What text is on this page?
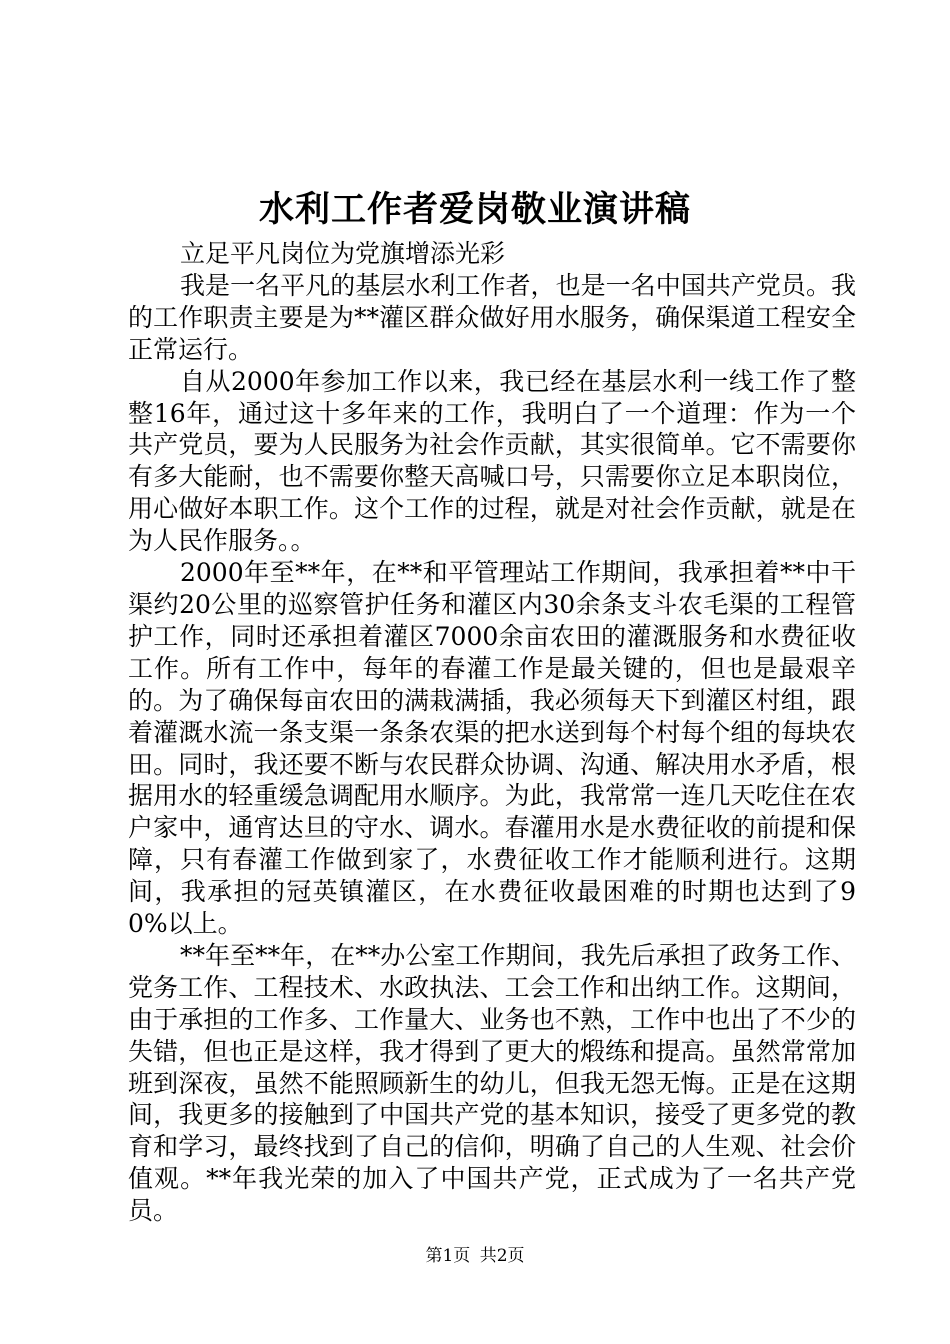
水利工作者爱岗敬业演讲稿

立足平凡岗位为党旗增添光彩

我是一名平凡的基层水利工作者，也是一名中国共产党员。我的工作职责主要是为**灌区群众做好用水服务，确保渠道工程安全正常运行。

自从2000年参加工作以来，我已经在基层水利一线工作了整整16年，通过这十多年来的工作，我明白了一个道理：作为一个共产党员，要为人民服务为社会作贡献，其实很简单。它不需要你有多大能耐，也不需要你整天高喊口号，只需要你立足本职岗位，用心做好本职工作。这个工作的过程，就是对社会作贡献，就是在为人民作服务。。

2000年至**年，在**和平管理站工作期间，我承担着**中干渠约20公里的巡察管护任务和灌区内30余条支斗农毛渠的工程管护工作，同时还承担着灌区7000余亩农田的灌溉服务和水费征收工作。所有工作中，每年的春灌工作是最关键的，但也是最艰辛的。为了确保每亩农田的满栽满插，我必须每天下到灌区村组，跟着灌溉水流一条支渠一条条农渠的把水送到每个村每个组的每块农田。同时，我还要不断与农民群众协调、沟通、解决用水矛盾，根据用水的轻重缓急调配用水顺序。为此，我常常一连几天吃住在农户家中，通宵达旦的守水、调水。春灌用水是水费征收的前提和保障，只有春灌工作做到家了，水费征收工作才能顺利进行。这期间，我承担的冠英镇灌区，在水费征收最困难的时期也达到了90%以上。

**年至**年，在**办公室工作期间，我先后承担了政务工作、党务工作、工程技术、水政执法、工会工作和出纳工作。这期间，由于承担的工作多、工作量大、业务也不熟，工作中也出了不少的失错，但也正是这样，我才得到了更大的煅练和提高。虽然常常加班到深夜，虽然不能照顾新生的幼儿，但我无怨无悔。正是在这期间，我更多的接触到了中国共产党的基本知识，接受了更多党的教育和学习，最终找到了自己的信仰，明确了自己的人生观、社会价值观。**年我光荣的加入了中国共产党，正式成为了一名共产党员。

第1页 共2页
